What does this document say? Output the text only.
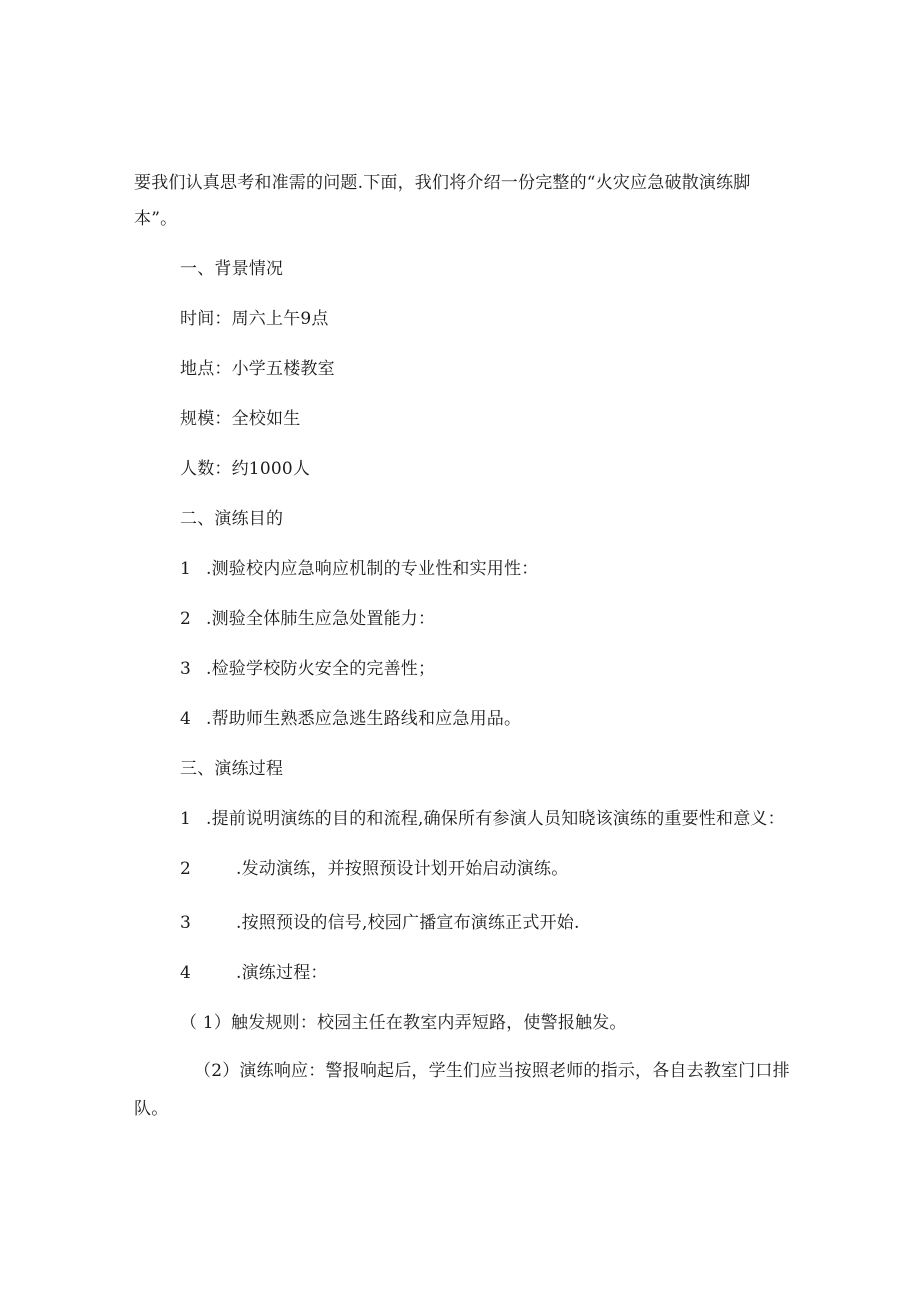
要我们认真思考和准需的问题.下面，我们将介绍一份完整的“火灾应急破散演练脚
本”。
一、背景情况
时间：周六上午9点
地点：小学五楼教室
规模：全校如生
人数：约1000人
二、演练目的
1 .测验校内应急响应机制的专业性和实用性：
2 .测验全体肺生应急处置能力：
3 .检验学校防火安全的完善性；
4 .帮助师生熟悉应急逃生路线和应急用品。
三、演练过程
1 .提前说明演练的目的和流程,确保所有参演人员知晓该演练的重要性和意义：
2	.发动演练，并按照预设计划开始启动演练。
3	.按照预设的信号,校园广播宣布演练正式开始.
4	.演练过程：
（ 1）触发规则：校园主任在教室内弄短路，使警报触发。
（2）演练响应：警报响起后，学生们应当按照老师的指示，各自去教室门口排
队。
